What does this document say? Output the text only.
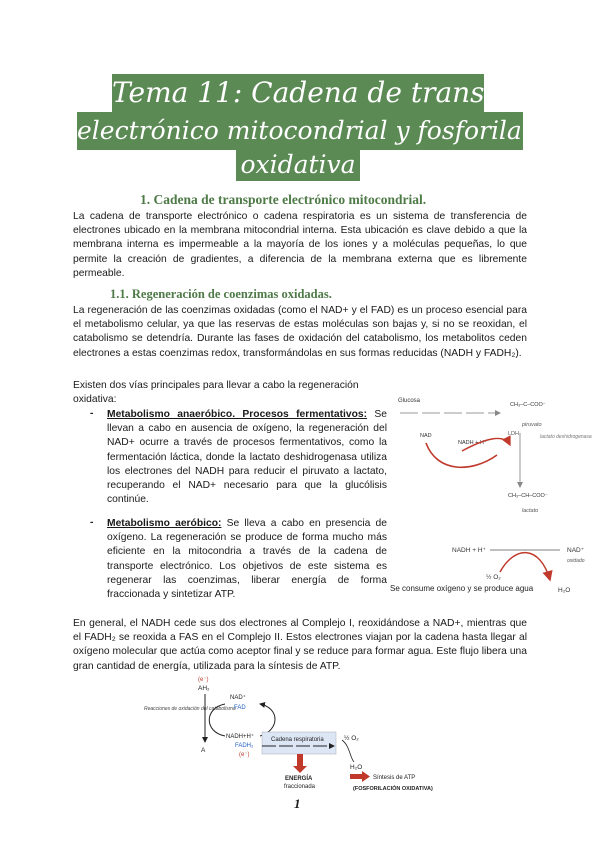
Tema 11: Cadena de transporte
electrónico mitocondrial y fosforilación
oxidativa
1. Cadena de transporte electrónico mitocondrial.

La cadena de transporte electrónico o cadena respiratoria es un sistema de transferencia de electrones ubicado en la membrana mitocondrial interna. Esta ubicación es clave debido a que la membrana interna es impermeable a la mayoría de los iones y a moléculas pequeñas, lo que permite la creación de gradientes, a diferencia de la membrana externa que es libremente permeable.

1.1. Regeneración de coenzimas oxidadas.

La regeneración de las coenzimas oxidadas (como el NAD+ y el FAD) es un proceso esencial para el metabolismo celular, ya que las reservas de estas moléculas son bajas y, si no se reoxidan, el catabolismo se detendría. Durante las fases de oxidación del catabolismo, los metabolitos ceden electrones a estas coenzimas redox, transformándolas en sus formas reducidas (NADH y FADH₂).

Existen dos vías principales para llevar a cabo la regeneración oxidativa:

- Metabolismo anaeróbico. Procesos fermentativos: Se llevan a cabo en ausencia de oxígeno, la regeneración del NAD+ ocurre a través de procesos fermentativos, como la fermentación láctica, donde la lactato deshidrogenasa utiliza los electrones del NADH para reducir el piruvato a lactato, recuperando el NAD+ necesario para que la glucólisis continúe.

- Metabolismo aeróbico: Se lleva a cabo en presencia de oxígeno. La regeneración se produce de forma mucho más eficiente en la mitocondria a través de la cadena de transporte electrónico. Los objetivos de este sistema es regenerar las coenzimas, liberar energía de forma fraccionada y sintetizar ATP.

En general, el NADH cede sus dos electrones al Complejo I, reoxidándose a NAD+, mientras que el FADH₂ se reoxida a FAS en el Complejo II. Estos electrones viajan por la cadena hasta llegar al oxígeno molecular que actúa como aceptor final y se reduce para formar agua. Este flujo libera una gran cantidad de energía, utilizada para la síntesis de ATP.

Glucosa
CH₃–C–COO⁻
piruvato
NAD
NADH + H⁺
LDH	lactato deshidrogenasa
CH₃–CH–COO⁻
lactato
NADH + H⁺	NAD⁺
oxidado
½ O₂
H₂O
Se consume oxígeno y se produce agua
(e⁻)
AH₂
Reacciones de oxidación del catabolismo
A
NAD⁺
FAD
NADH+H⁺
FADH₂
(e⁻)
Cadena respiratoria	½ O₂
H₂O
ENERGÍA
fraccionada
Síntesis de ATP
(FOSFORILACIÓN OXIDATIVA)
1
